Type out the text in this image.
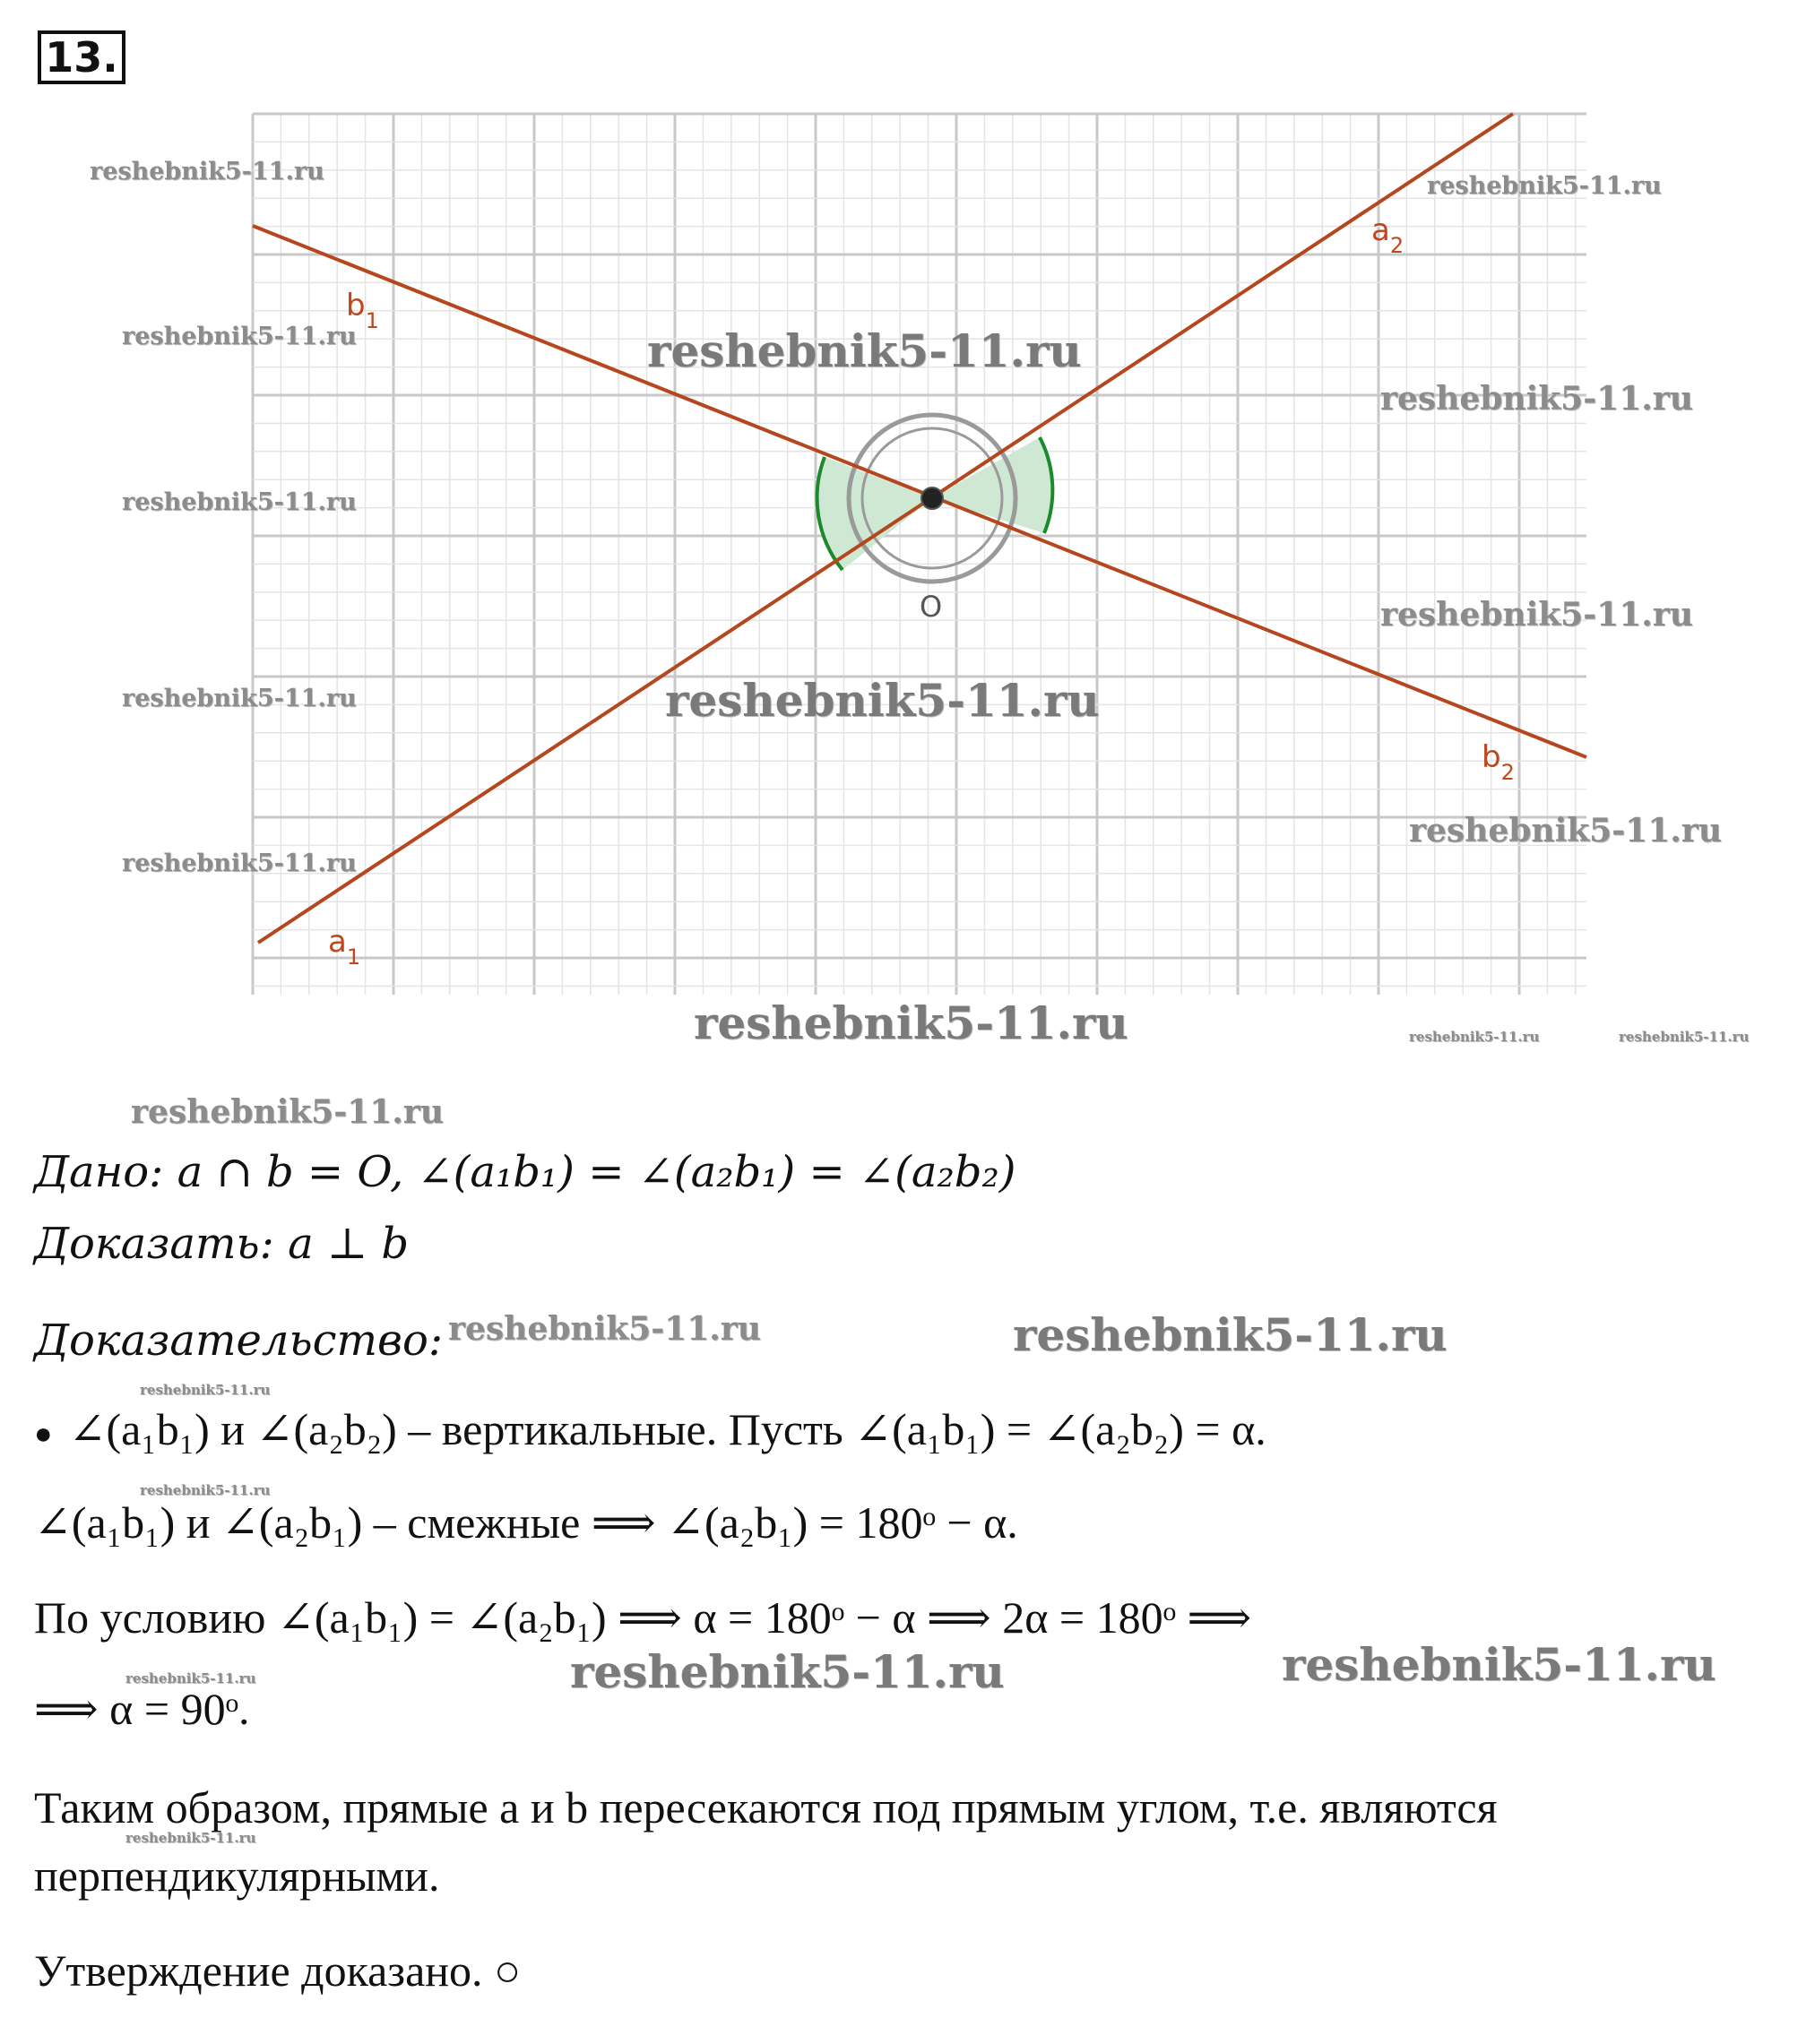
13.
$b_1$
$a_2$
$b_2$
$a_1$
O
reshebnik5-11.ru
reshebnik5-11.ru
reshebnik5-11.ru	reshebnik5-11.ru
reshebnik5-11.ru
reshebnik5-11.ru
reshebnik5-11.ru
reshebnik5-11.ru	reshebnik5-11.ru
reshebnik5-11.ru
reshebnik5-11.ru
reshebnik5-11.ru	reshebnik5-11.ru	reshebnik5-11.ru
reshebnik5-11.ru
reshebnik5-11.ru	reshebnik5-11.ru
reshebnik5-11.ru
reshebnik5-11.ru
reshebnik5-11.ru	reshebnik5-11.ru
reshebnik5-11.ru
reshebnik5-11.ru
Дано: a ∩ b = O, ∠(a₁b₁) = ∠(a₂b₁) = ∠(a₂b₂)
Доказать: a ⊥ b
Доказательство:
● ∠(a₁b₁) и ∠(a₂b₂) – вертикальные. Пусть ∠(a₁b₁) = ∠(a₂b₂) = α.
∠(a₁b₁) и ∠(a₂b₁) – смежные ⟹ ∠(a₂b₁) = 180ᵒ − α.
По условию ∠(a₁b₁) = ∠(a₂b₁) ⟹ α = 180ᵒ − α ⟹ 2α = 180ᵒ ⟹
⟹ α = 90ᵒ.
Таким образом, прямые a и b пересекаются под прямым углом, т.е. являются
перпендикулярными.
Утверждение доказано. ○
